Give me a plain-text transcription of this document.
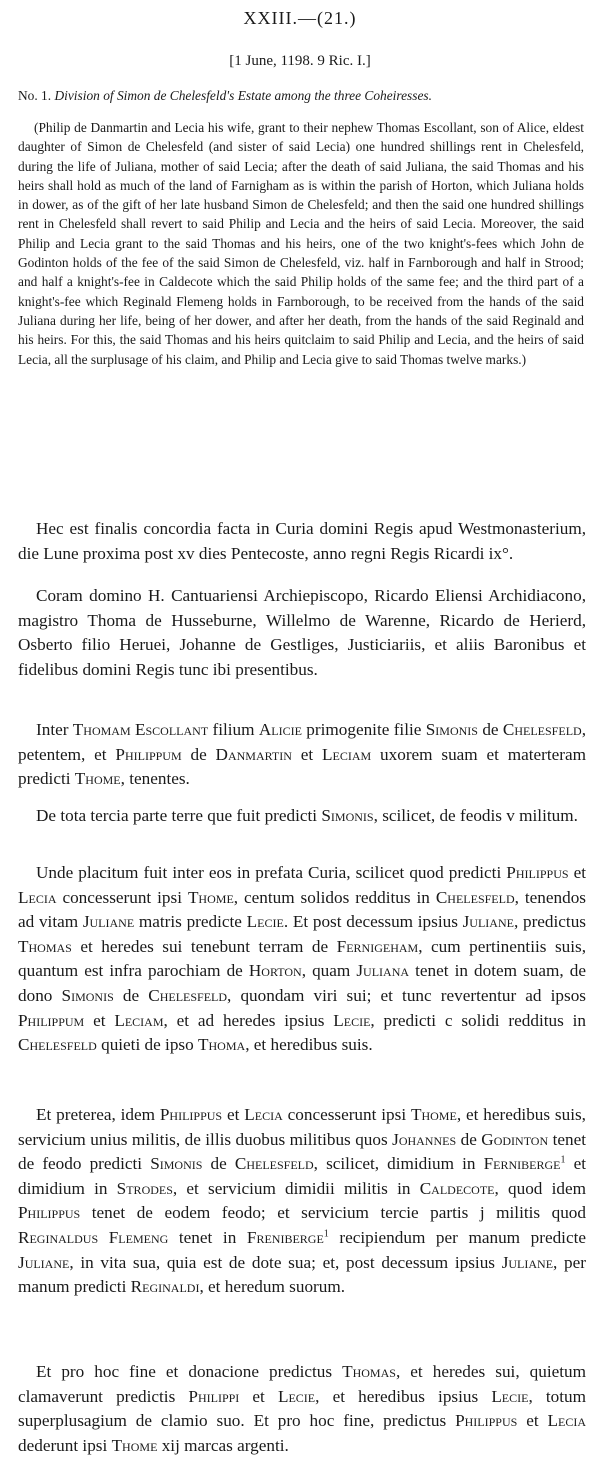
XXIII.—(21.)
[1 June, 1198. 9 Ric. I.]
No. 1. Division of Simon de Chelesfeld's Estate among the three Coheiresses.

(Philip de Danmartin and Lecia his wife, grant to their nephew Thomas Escollant, son of Alice, eldest daughter of Simon de Chelesfeld (and sister of said Lecia) one hundred shillings rent in Chelesfeld, during the life of Juliana, mother of said Lecia; after the death of said Juliana, the said Thomas and his heirs shall hold as much of the land of Farnigham as is within the parish of Horton, which Juliana holds in dower, as of the gift of her late husband Simon de Chelesfeld; and then the said one hundred shillings rent in Chelesfeld shall revert to said Philip and Lecia and the heirs of said Lecia. Moreover, the said Philip and Lecia grant to the said Thomas and his heirs, one of the two knight's-fees which John de Godinton holds of the fee of the said Simon de Chelesfeld, viz. half in Farnborough and half in Strood; and half a knight's-fee in Caldecote which the said Philip holds of the same fee; and the third part of a knight's-fee which Reginald Flemeng holds in Farnborough, to be received from the hands of the said Juliana during her life, being of her dower, and after her death, from the hands of the said Reginald and his heirs. For this, the said Thomas and his heirs quitclaim to said Philip and Lecia, and the heirs of said Lecia, all the surplusage of his claim, and Philip and Lecia give to said Thomas twelve marks.)

Hec est finalis concordia facta in Curia domini Regis apud Westmonasterium, die Lune proxima post xv dies Pentecoste, anno regni Regis Ricardi ix°.

Coram domino H. Cantuariensi Archiepiscopo, Ricardo Eliensi Archidiacono, magistro Thoma de Husseburne, Willelmo de Warenne, Ricardo de Herierd, Osberto filio Heruei, Johanne de Gestliges, Justiciariis, et aliis Baronibus et fidelibus domini Regis tunc ibi presentibus.

Inter Thomam Escollant filium Alicie primogenite filie Simonis de Chelesfeld, petentem, et Philippum de Danmartin et Leciam uxorem suam et materteram predicti Thome, tenentes.

De tota tercia parte terre que fuit predicti Simonis, scilicet, de feodis v militum.

Unde placitum fuit inter eos in prefata Curia, scilicet quod predicti Philippus et Lecia concesserunt ipsi Thome, centum solidos redditus in Chelesfeld, tenendos ad vitam Juliane matris predicte Lecie. Et post decessum ipsius Juliane, predictus Thomas et heredes sui tenebunt terram de Fernigeham, cum pertinentiis suis, quantum est infra parochiam de Horton, quam Juliana tenet in dotem suam, de dono Simonis de Chelesfeld, quondam viri sui; et tunc revertentur ad ipsos Philippum et Leciam, et ad heredes ipsius Lecie, predicti c solidi redditus in Chelesfeld quieti de ipso Thoma, et heredibus suis.

Et preterea, idem Philippus et Lecia concesserunt ipsi Thome, et heredibus suis, servicium unius militis, de illis duobus militibus quos Johannes de Godinton tenet de feodo predicti Simonis de Chelesfeld, scilicet, dimidium in Ferniberge$^1$ et dimidium in Strodes, et servicium dimidii militis in Caldecote, quod idem Philippus tenet de eodem feodo; et servicium tercie partis j militis quod Reginaldus Flemeng tenet in Freniberge$^1$ recipiendum per manum predicte Juliane, in vita sua, quia est de dote sua; et, post decessum ipsius Juliane, per manum predicti Reginaldi, et heredum suorum.

Et pro hoc fine et donacione predictus Thomas, et heredes sui, quietum clamaverunt predictis Philippi et Lecie, et heredibus ipsius Lecie, totum superplusagium de clamio suo. Et pro hoc fine, predictus Philippus et Lecia dederunt ipsi Thome xij marcas argenti.
